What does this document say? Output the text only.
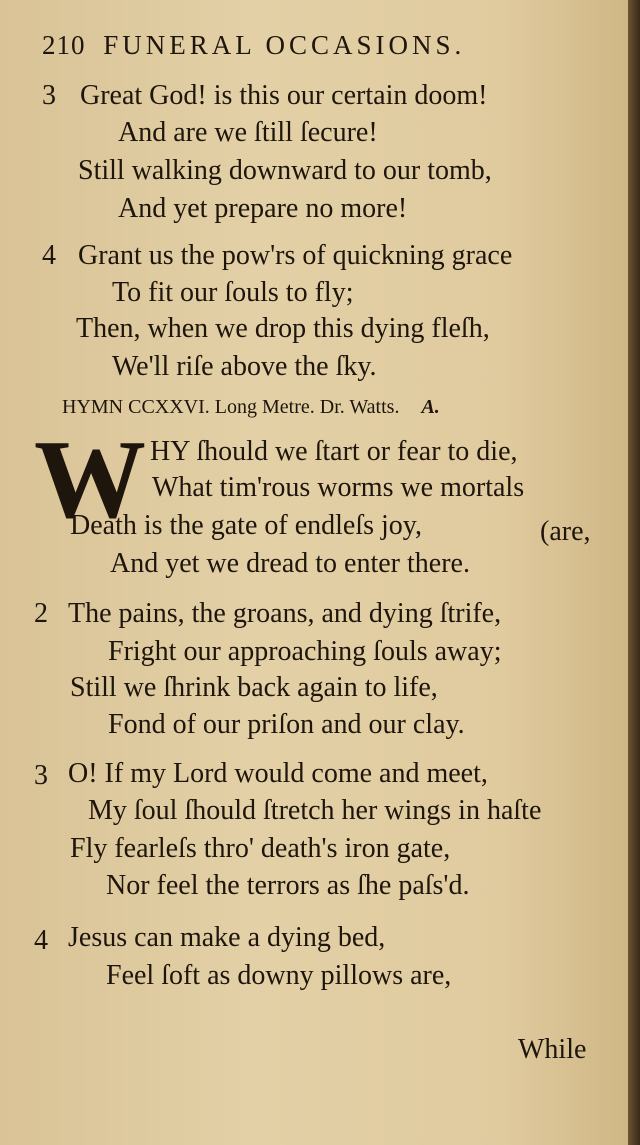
210 FUNERAL OCCASIONS.
3 Great God! is this our certain doom!
And are we ſtill ſecure!
Still walking downward to our tomb,
And yet prepare no more!
4 Grant us the pow'rs of quickning grace
To fit our ſouls to fly;
Then, when we drop this dying fleſh,
We'll riſe above the ſky.
HYMN CCXXVI. Long Metre. Dr. Watts. A.
W HY ſhould we ſtart or fear to die,
What tim'rous worms we mortals
Death is the gate of endleſs joy,	(are,
And yet we dread to enter there.
2 The pains, the groans, and dying ſtrife,
Fright our approaching ſouls away;
Still we ſhrink back again to life,
Fond of our priſon and our clay.
3 O! If my Lord would come and meet,
My ſoul ſhould ſtretch her wings in haſte
Fly fearleſs thro' death's iron gate,
Nor feel the terrors as ſhe paſs'd.
4 Jesus can make a dying bed,
Feel ſoft as downy pillows are,
While
